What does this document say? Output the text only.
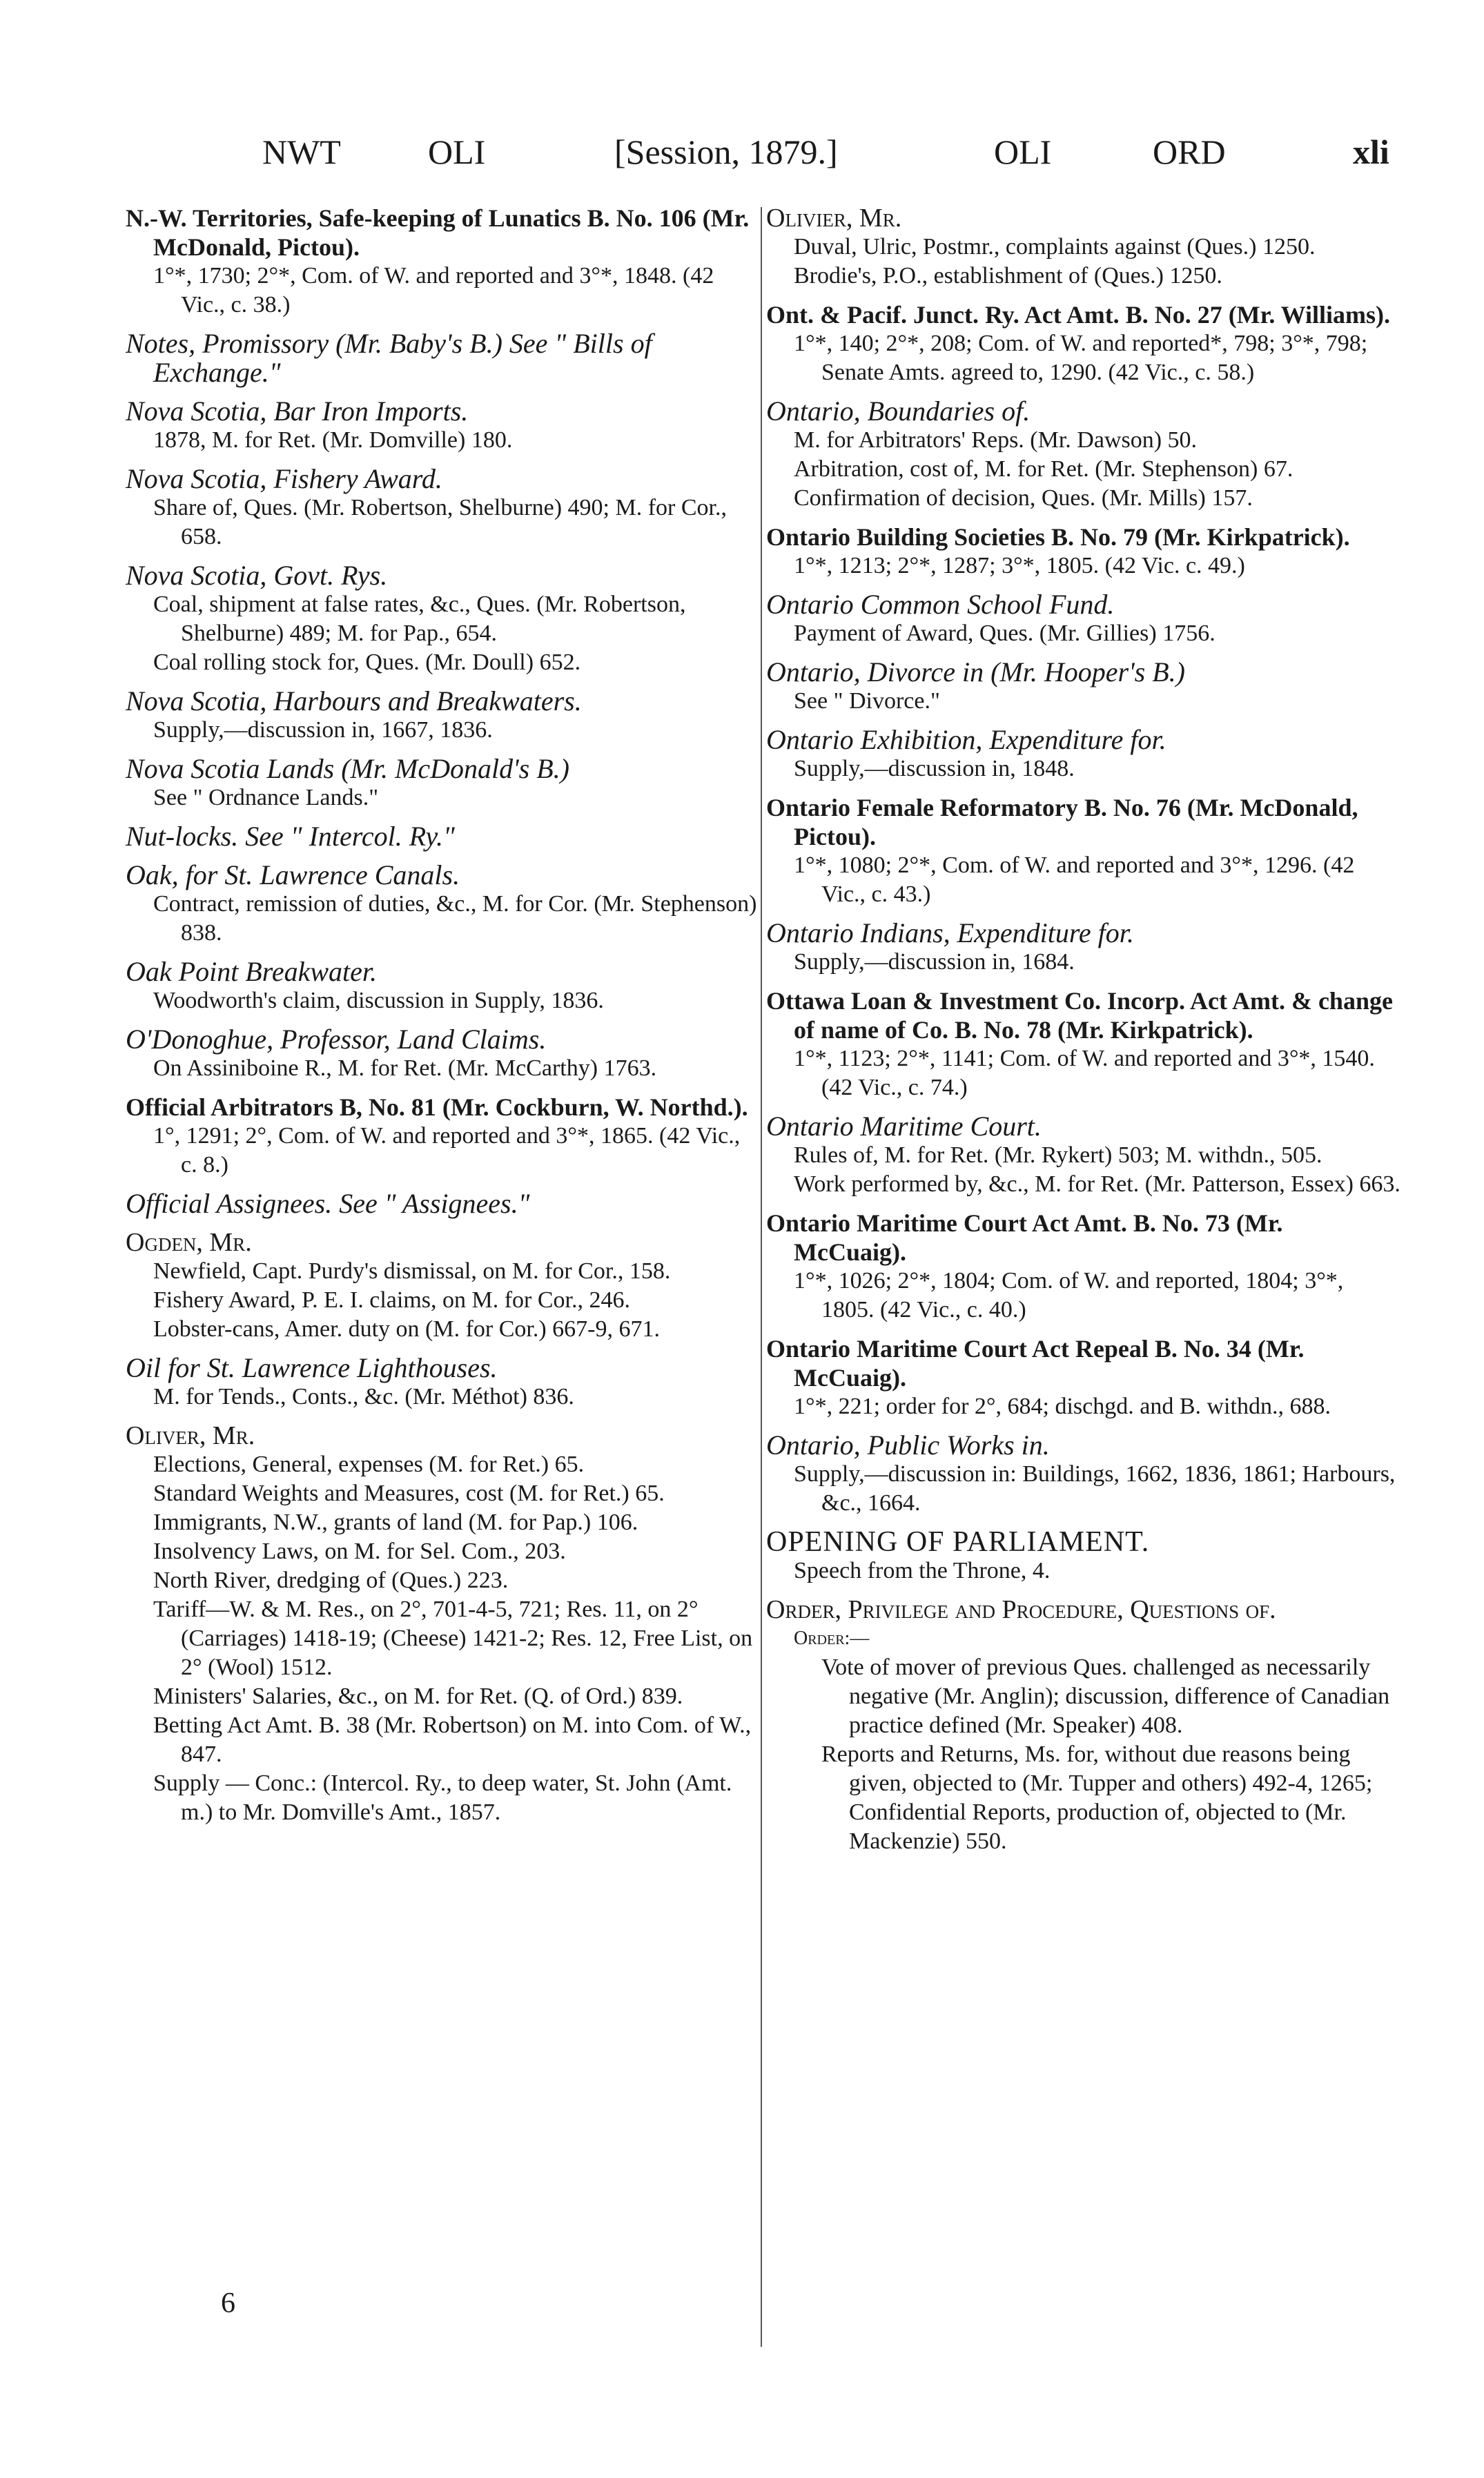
NWT	OLI	[Session, 1879.]	OLI	ORD	xli

N.-W. Territories, Safe-keeping of Lunatics B. No. 106 (Mr. McDonald, Pictou).

1°*, 1730; 2°*, Com. of W. and reported and 3°*, 1848. (42 Vic., c. 38.)

Notes, Promissory (Mr. Baby's B.) See " Bills of Exchange."

Nova Scotia, Bar Iron Imports.

1878, M. for Ret. (Mr. Domville) 180.

Nova Scotia, Fishery Award.

Share of, Ques. (Mr. Robertson, Shelburne) 490; M. for Cor., 658.

Nova Scotia, Govt. Rys.

Coal, shipment at false rates, &c., Ques. (Mr. Robertson, Shelburne) 489; M. for Pap., 654.

Coal rolling stock for, Ques. (Mr. Doull) 652.

Nova Scotia, Harbours and Breakwaters.

Supply,—discussion in, 1667, 1836.

Nova Scotia Lands (Mr. McDonald's B.)

See " Ordnance Lands."

Nut-locks. See " Intercol. Ry."

Oak, for St. Lawrence Canals.

Contract, remission of duties, &c., M. for Cor. (Mr. Stephenson) 838.

Oak Point Breakwater.

Woodworth's claim, discussion in Supply, 1836.

O'Donoghue, Professor, Land Claims.

On Assiniboine R., M. for Ret. (Mr. McCarthy) 1763.

Official Arbitrators B, No. 81 (Mr. Cockburn, W. Northd.).

1°, 1291; 2°, Com. of W. and reported and 3°*, 1865. (42 Vic., c. 8.)

Official Assignees. See " Assignees."

Ogden, Mr.

Newfield, Capt. Purdy's dismissal, on M. for Cor., 158.

Fishery Award, P. E. I. claims, on M. for Cor., 246.

Lobster-cans, Amer. duty on (M. for Cor.) 667-9, 671.

Oil for St. Lawrence Lighthouses.

M. for Tends., Conts., &c. (Mr. Méthot) 836.

Oliver, Mr.

Elections, General, expenses (M. for Ret.) 65.

Standard Weights and Measures, cost (M. for Ret.) 65.

Immigrants, N.W., grants of land (M. for Pap.) 106.

Insolvency Laws, on M. for Sel. Com., 203.

North River, dredging of (Ques.) 223.

Tariff—W. & M. Res., on 2°, 701-4-5, 721; Res. 11, on 2° (Carriages) 1418-19; (Cheese) 1421-2; Res. 12, Free List, on 2° (Wool) 1512.

Ministers' Salaries, &c., on M. for Ret. (Q. of Ord.) 839.

Betting Act Amt. B. 38 (Mr. Robertson) on M. into Com. of W., 847.

Supply — Conc.: (Intercol. Ry., to deep water, St. John (Amt. m.) to Mr. Domville's Amt., 1857.

Olivier, Mr.

Duval, Ulric, Postmr., complaints against (Ques.) 1250.

Brodie's, P.O., establishment of (Ques.) 1250.

Ont. & Pacif. Junct. Ry. Act Amt. B. No. 27 (Mr. Williams).

1°*, 140; 2°*, 208; Com. of W. and reported*, 798; 3°*, 798; Senate Amts. agreed to, 1290. (42 Vic., c. 58.)

Ontario, Boundaries of.

M. for Arbitrators' Reps. (Mr. Dawson) 50.

Arbitration, cost of, M. for Ret. (Mr. Stephenson) 67.

Confirmation of decision, Ques. (Mr. Mills) 157.

Ontario Building Societies B. No. 79 (Mr. Kirkpatrick).

1°*, 1213; 2°*, 1287; 3°*, 1805. (42 Vic. c. 49.)

Ontario Common School Fund.

Payment of Award, Ques. (Mr. Gillies) 1756.

Ontario, Divorce in (Mr. Hooper's B.)

See " Divorce."

Ontario Exhibition, Expenditure for.

Supply,—discussion in, 1848.

Ontario Female Reformatory B. No. 76 (Mr. McDonald, Pictou).

1°*, 1080; 2°*, Com. of W. and reported and 3°*, 1296. (42 Vic., c. 43.)

Ontario Indians, Expenditure for.

Supply,—discussion in, 1684.

Ottawa Loan & Investment Co. Incorp. Act Amt. & change of name of Co. B. No. 78 (Mr. Kirkpatrick).

1°*, 1123; 2°*, 1141; Com. of W. and reported and 3°*, 1540. (42 Vic., c. 74.)

Ontario Maritime Court.

Rules of, M. for Ret. (Mr. Rykert) 503; M. withdn., 505.

Work performed by, &c., M. for Ret. (Mr. Patterson, Essex) 663.

Ontario Maritime Court Act Amt. B. No. 73 (Mr. McCuaig).

1°*, 1026; 2°*, 1804; Com. of W. and reported, 1804; 3°*, 1805. (42 Vic., c. 40.)

Ontario Maritime Court Act Repeal B. No. 34 (Mr. McCuaig).

1°*, 221; order for 2°, 684; dischgd. and B. withdn., 688.

Ontario, Public Works in.

Supply,—discussion in: Buildings, 1662, 1836, 1861; Harbours, &c., 1664.

OPENING OF PARLIAMENT.

Speech from the Throne, 4.

Order, Privilege and Procedure, Questions of.

Order:—

Vote of mover of previous Ques. challenged as necessarily negative (Mr. Anglin); discussion, difference of Canadian practice defined (Mr. Speaker) 408.

Reports and Returns, Ms. for, without due reasons being given, objected to (Mr. Tupper and others) 492-4, 1265; Confidential Reports, production of, objected to (Mr. Mackenzie) 550.

6
